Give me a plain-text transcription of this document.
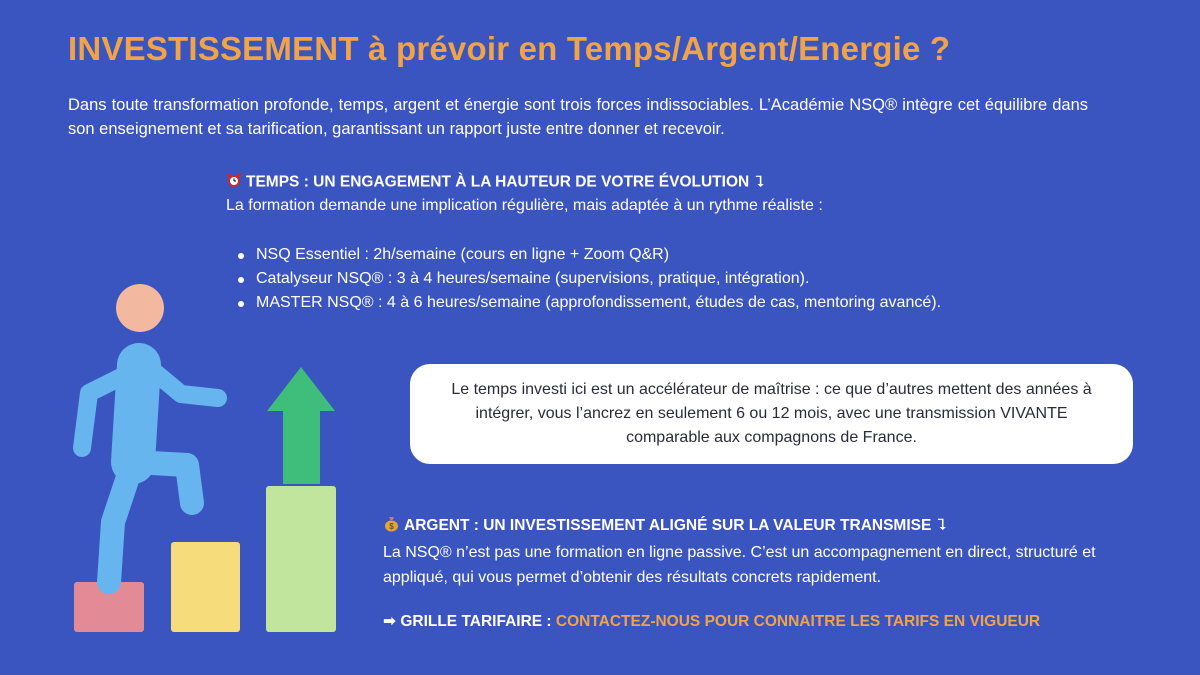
INVESTISSEMENT à prévoir en Temps/Argent/Energie ?
Dans toute transformation profonde, temps, argent et énergie sont trois forces indissociables. L’Académie NSQ® intègre cet équilibre dans son enseignement et sa tarification, garantissant un rapport juste entre donner et recevoir.
TEMPS : UN ENGAGEMENT À LA HAUTEUR DE VOTRE ÉVOLUTION ⮧
La formation demande une implication régulière, mais adaptée à un rythme réaliste :
NSQ Essentiel : 2h/semaine (cours en ligne + Zoom Q&R)
Catalyseur NSQ® : 3 à 4 heures/semaine (supervisions, pratique, intégration).
MASTER NSQ® : 4 à 6 heures/semaine (approfondissement, études de cas, mentoring avancé).

Le temps investi ici est un accélérateur de maîtrise : ce que d’autres mettent des années à intégrer, vous l’ancrez en seulement 6 ou 12 mois, avec une transmission VIVANTE comparable aux compagnons de France.

$ ARGENT : UN INVESTISSEMENT ALIGNÉ SUR LA VALEUR TRANSMISE ⮧
La NSQ® n’est pas une formation en ligne passive. C’est un accompagnement en direct, structuré et appliqué, qui vous permet d’obtenir des résultats concrets rapidement.
➡ GRILLE TARIFAIRE : CONTACTEZ-NOUS POUR CONNAITRE LES TARIFS EN VIGUEUR
